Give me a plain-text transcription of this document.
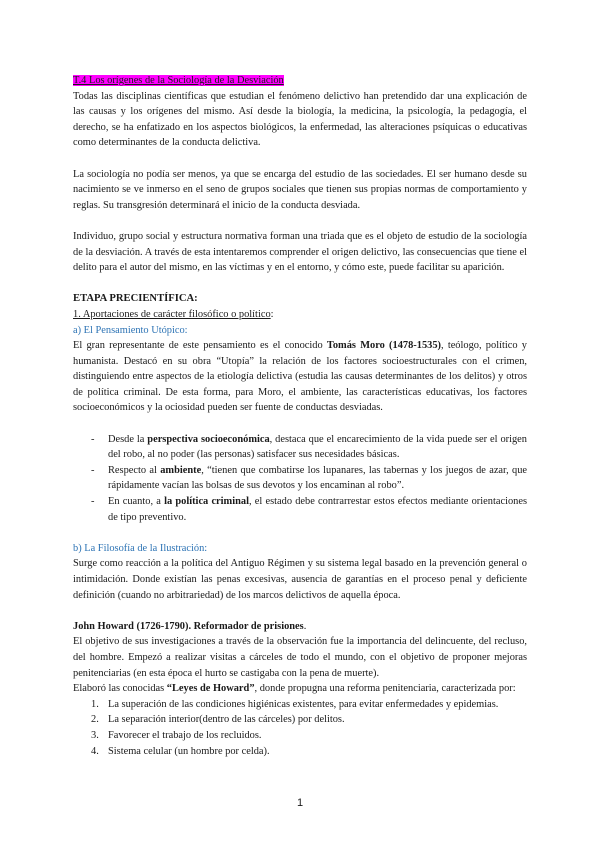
T.4 Los orígenes de la Sociología de la Desviación

Todas las disciplinas científicas que estudian el fenómeno delictivo han pretendido dar una explicación de las causas y los orígenes del mismo. Así desde la biología, la medicina, la psicología, la pedagogía, el derecho, se ha enfatizado en los aspectos biológicos, la enfermedad, las alteraciones psíquicas o educativas como determinantes de la conducta delictiva.

La sociología no podía ser menos, ya que se encarga del estudio de las sociedades. El ser humano desde su nacimiento se ve inmerso en el seno de grupos sociales que tienen sus propias normas de comportamiento y reglas. Su transgresión determinará el inicio de la conducta desviada.

Individuo, grupo social y estructura normativa forman una triada que es el objeto de estudio de la sociología de la desviación. A través de esta intentaremos comprender el origen delictivo, las consecuencias que tiene el delito para el autor del mismo, en las víctimas y en el entorno, y cómo este, puede facilitar su aparición.

ETAPA PRECIENTÍFICA:

1. Aportaciones de carácter filosófico o político:

a) El Pensamiento Utópico:

El gran representante de este pensamiento es el conocido Tomás Moro (1478-1535), teólogo, político y humanista. Destacó en su obra “Utopía” la relación de los factores socioestructurales con el crimen, distinguiendo entre aspectos de la etiología delictiva (estudia las causas determinantes de los delitos) y otros de política criminal. De esta forma, para Moro, el ambiente, las características educativas, los factores socioeconómicos y la ociosidad pueden ser fuente de conductas desviadas.

- Desde la perspectiva socioeconómica, destaca que el encarecimiento de la vida puede ser el origen del robo, al no poder (las personas) satisfacer sus necesidades básicas.
- Respecto al ambiente, “tienen que combatirse los lupanares, las tabernas y los juegos de azar, que rápidamente vacían las bolsas de sus devotos y los encaminan al robo”.
- En cuanto, a la política criminal, el estado debe contrarrestar estos efectos mediante orientaciones de tipo preventivo.

b) La Filosofía de la Ilustración:

Surge como reacción a la política del Antiguo Régimen y su sistema legal basado en la prevención general o intimidación. Donde existían las penas excesivas, ausencia de garantías en el proceso penal y deficiente definición (cuando no arbitrariedad) de los marcos delictivos de aquella época.

John Howard (1726-1790). Reformador de prisiones.

El objetivo de sus investigaciones a través de la observación fue la importancia del delincuente, del recluso, del hombre. Empezó a realizar visitas a cárceles de todo el mundo, con el objetivo de proponer mejoras penitenciarias (en esta época el hurto se castigaba con la pena de muerte).

Elaboró las conocidas “Leyes de Howard”, donde propugna una reforma penitenciaria, caracterizada por:

1. La superación de las condiciones higiénicas existentes, para evitar enfermedades y epidemias.
2. La separación interior(dentro de las cárceles) por delitos.
3. Favorecer el trabajo de los recluidos.
4. Sistema celular (un hombre por celda).
1
